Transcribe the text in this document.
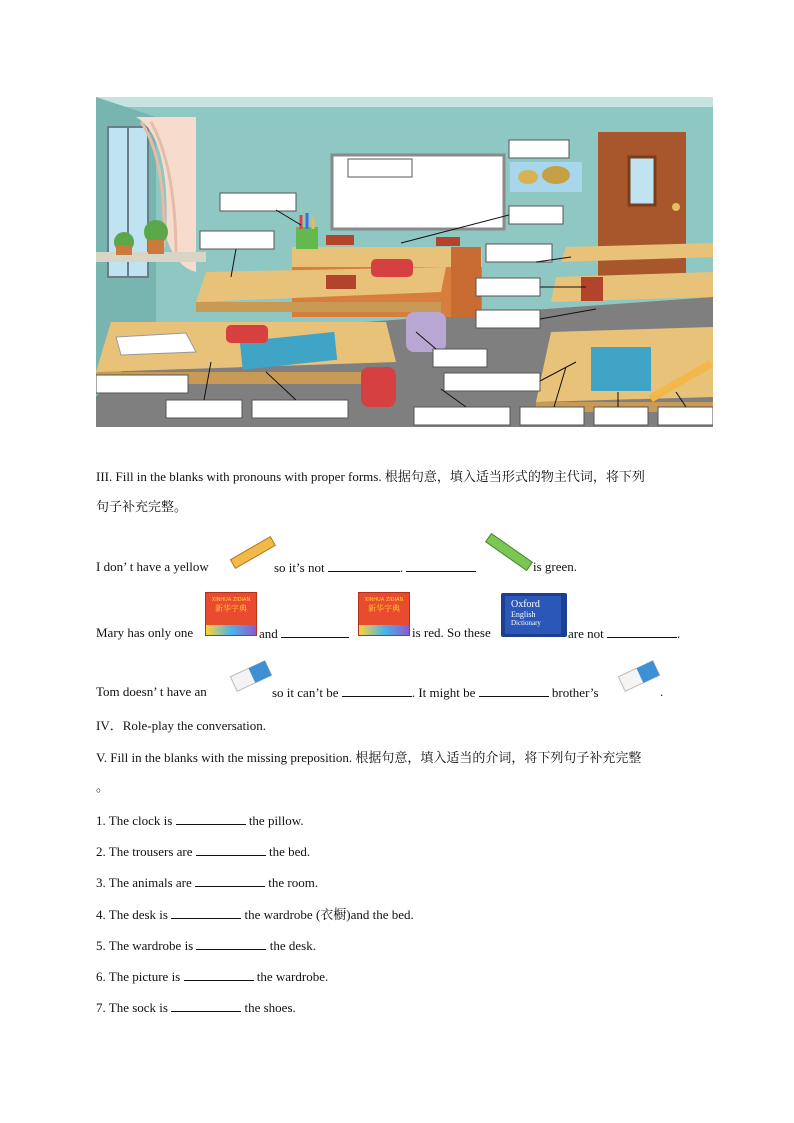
III. Fill in the blanks with pronouns with proper forms. 根据句意，填入适当形式的物主代词，将下列
句子补充完整。
I don’ t have a yellow	so it’s not	.	is green.
Mary has only one
XINHUA ZIDIAN
新华字典
and
XINHUA ZIDIAN
新华字典
is red. So these
Oxford
English
Dictionary
are not	.
Tom doesn’ t have an	so it can’t be	. It might be	brother’s	.
IV．Role-play the conversation.
V. Fill in the blanks with the missing preposition. 根据句意，填入适当的介词，将下列句子补充完整
。
1. The clock is	the pillow.
2. The trousers are	the bed.
3. The animals are	the room.
4. The desk is	the wardrobe (衣橱)and the bed.
5. The wardrobe is	the desk.
6. The picture is	the wardrobe.
7. The sock is	the shoes.
